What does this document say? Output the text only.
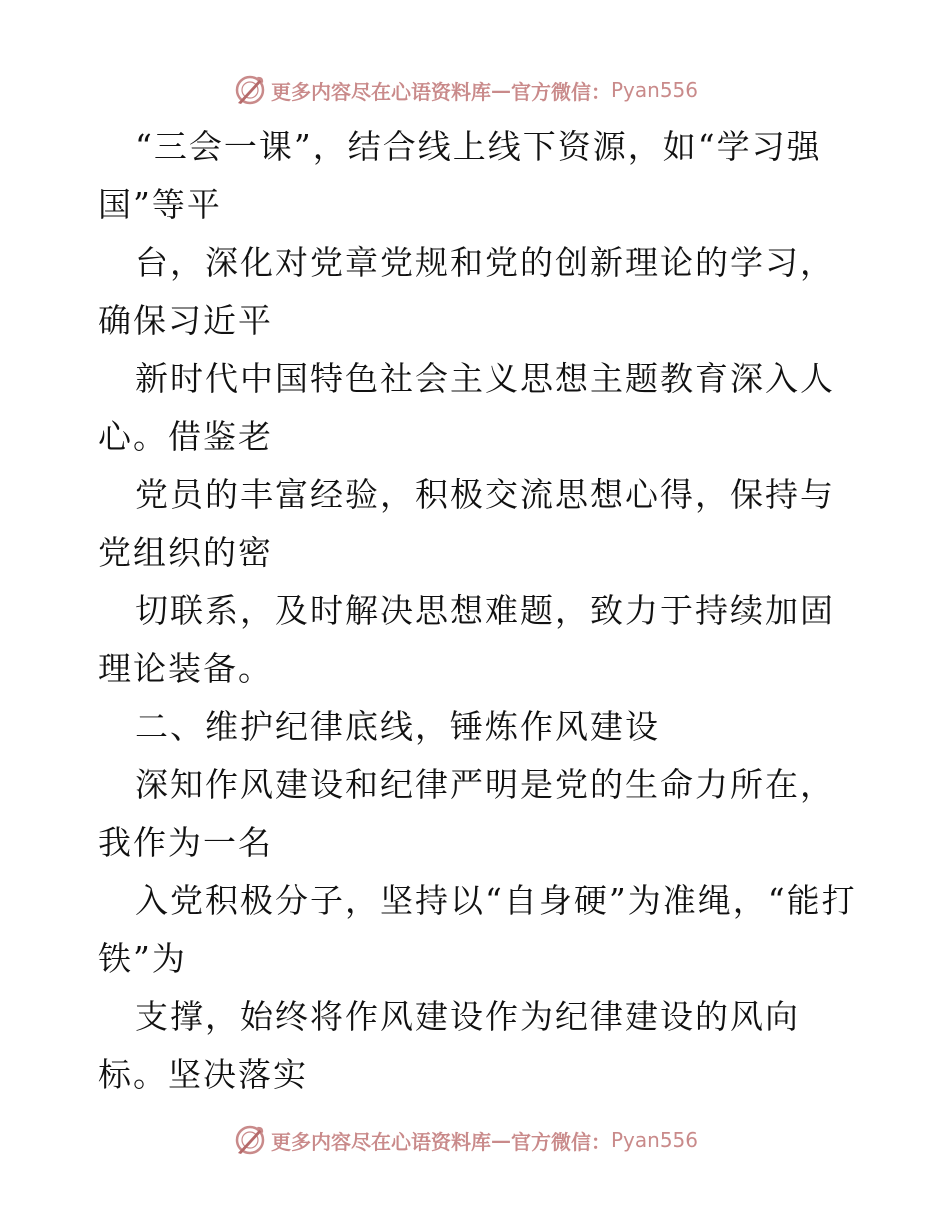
更多内容尽在心语资料库 — 官方微信： Pyan556

“三会一课”，结合线上线下资源，如“学习强国”等平

台，深化对党章党规和党的创新理论的学习，确保习近平

新时代中国特色社会主义思想主题教育深入人心。借鉴老

党员的丰富经验，积极交流思想心得，保持与党组织的密

切联系，及时解决思想难题，致力于持续加固理论装备。

二、维护纪律底线，锤炼作风建设

深知作风建设和纪律严明是党的生命力所在，我作为一名

入党积极分子，坚持以“自身硬”为准绳，“能打铁”为

支撑，始终将作风建设作为纪律建设的风向标。坚决落实

更多内容尽在心语资料库 — 官方微信： Pyan556
